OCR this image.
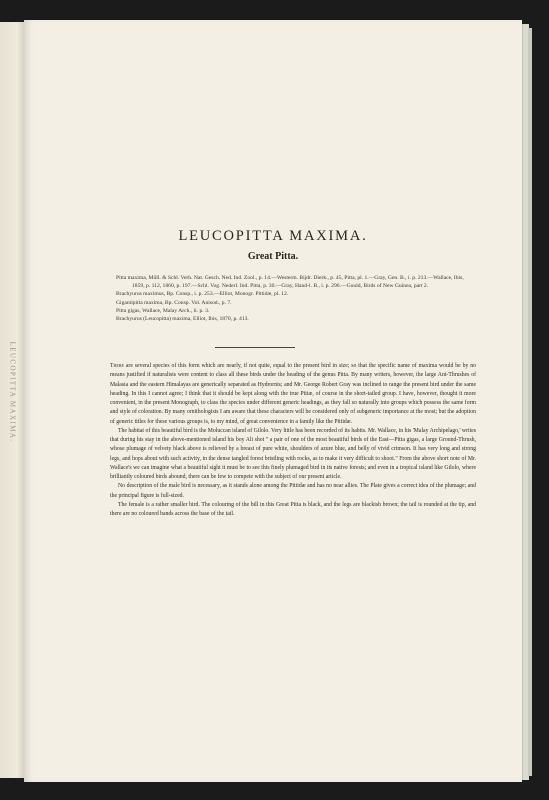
LEUCOPITTA MAXIMA.
LEUCOPITTA MAXIMA.
Great Pitta.
Pitta maxima, Müll. & Schl. Verh. Nat. Gesch. Ned. Ind. Zool., p. 14.—Westerm. Bijdr. Dierk., p. 45, Pitta, pl. 1.—Gray, Gen. B., i. p. 213.—Wallace, Ibis, 1859, p. 112, 1860, p. 197.—Schl. Vog. Nederl. Ind. Pitta, p. 30.—Gray, Hand-l. B., i. p. 296.—Gould, Birds of New Guinea, part 2.
Brachyurus maximus, Bp. Consp., i. p. 253.—Elliot, Monogr. Pittidæ, pl. 12.
Gigantipitta maxima, Bp. Consp. Vol. Anisod., p. 7.
Pitta gigas, Wallace, Malay Arch., ii. p. 3.
Brachyurus (Leucopitta) maxima, Elliot, Ibis, 1870, p. 413.

There are several species of this form which are nearly, if not quite, equal to the present bird in size; so that the specific name of maxima would be by no means justified if naturalists were content to class all these birds under the heading of the genus Pitta. By many writers, however, the large Ant-Thrushes of Malasia and the eastern Himalayas are generically separated as Hydrornis; and Mr. George Robert Gray was inclined to range the present bird under the same heading. In this I cannot agree; I think that it should be kept along with the true Pittæ, of course in the short-tailed group. I have, however, thought it more convenient, in the present Monograph, to class the species under different generic headings, as they fall so naturally into groups which possess the same form and style of coloration. By many ornithologists I am aware that these characters will be considered only of subgeneric importance at the most; but the adoption of generic titles for these various groups is, to my mind, of great convenience in a family like the Pittidæ.

The habitat of this beautiful bird is the Moluccan island of Gilolo. Very little has been recorded of its habits. Mr. Wallace, in his 'Malay Archipelago,' writes that during his stay in the above-mentioned island his boy Ali shot " a pair of one of the most beautiful birds of the East—Pitta gigas, a large Ground-Thrush, whose plumage of velvety black above is relieved by a breast of pure white, shoulders of azure blue, and belly of vivid crimson. It has very long and strong legs, and hops about with such activity, in the dense tangled forest bristling with rocks, as to make it very difficult to shoot." From the above short note of Mr. Wallace's we can imagine what a beautiful sight it must be to see this finely plumaged bird in its native forests; and even in a tropical island like Gilolo, where brilliantly coloured birds abound, there can be few to compete with the subject of our present article.

No description of the male bird is necessary, as it stands alone among the Pittidæ and has no near allies. The Plate gives a correct idea of the plumage; and the principal figure is full-sized.

The female is a rather smaller bird. The colouring of the bill in this Great Pitta is black, and the legs are blackish brown; the tail is rounded at the tip, and there are no coloured bands across the base of the tail.
